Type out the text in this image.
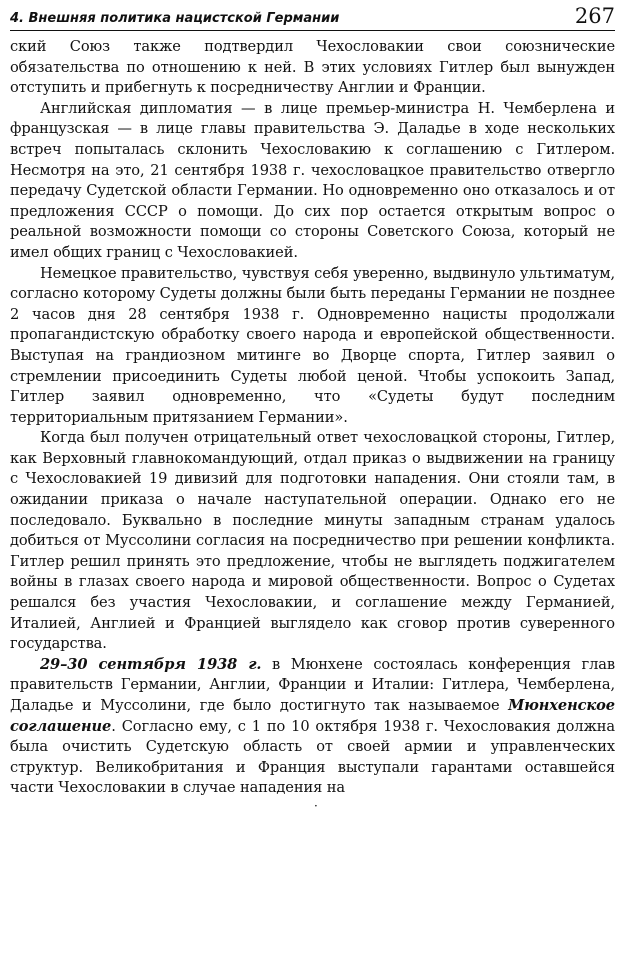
4. Внешняя политика нацистской Германии	267

ский Союз также подтвердил Чехословакии свои союзнические обязательства по отношению к ней. В этих условиях Гитлер был вынужден отступить и прибегнуть к посредничеству Англии и Франции.

Английская дипломатия — в лице премьер-министра Н. Чемберлена и французская — в лице главы правительства Э. Даладье в ходе нескольких встреч попыталась склонить Чехословакию к соглашению с Гитлером. Несмотря на это, 21 сентября 1938 г. чехословацкое правительство отвергло передачу Судетской области Германии. Но одновременно оно отказалось и от предложения СССР о помощи. До сих пор остается открытым вопрос о реальной возможности помощи со стороны Советского Союза, который не имел общих границ с Чехословакией.

Немецкое правительство, чувствуя себя уверенно, выдвинуло ультиматум, согласно которому Судеты должны были быть переданы Германии не позднее 2 часов дня 28 сентября 1938 г. Одновременно нацисты продолжали пропагандистскую обработку своего народа и европейской общественности. Выступая на грандиозном митинге во Дворце спорта, Гитлер заявил о стремлении присоединить Судеты любой ценой. Чтобы успокоить Запад, Гитлер заявил одновременно, что «Судеты будут последним территориальным притязанием Германии».

Когда был получен отрицательный ответ чехословацкой стороны, Гитлер, как Верховный главнокомандующий, отдал приказ о выдвижении на границу с Чехословакией 19 дивизий для подготовки нападения. Они стояли там, в ожидании приказа о начале наступательной операции. Однако его не последовало. Буквально в последние минуты западным странам удалось добиться от Муссолини согласия на посредничество при решении конфликта. Гитлер решил принять это предложение, чтобы не выглядеть поджигателем войны в глазах своего народа и мировой общественности. Вопрос о Судетах решался без участия Чехословакии, и соглашение между Германией, Италией, Англией и Францией выглядело как сговор против суверенного государства.

29–30 сентября 1938 г. в Мюнхене состоялась конференция глав правительств Германии, Англии, Франции и Италии: Гитлера, Чемберлена, Даладье и Муссолини, где было достигнуто так называемое Мюнхенское соглашение. Согласно ему, с 1 по 10 октября 1938 г. Чехословакия должна была очистить Судетскую область от своей армии и управленческих структур. Великобритания и Франция выступали гарантами оставшейся части Чехословакии в случае нападения на

·
